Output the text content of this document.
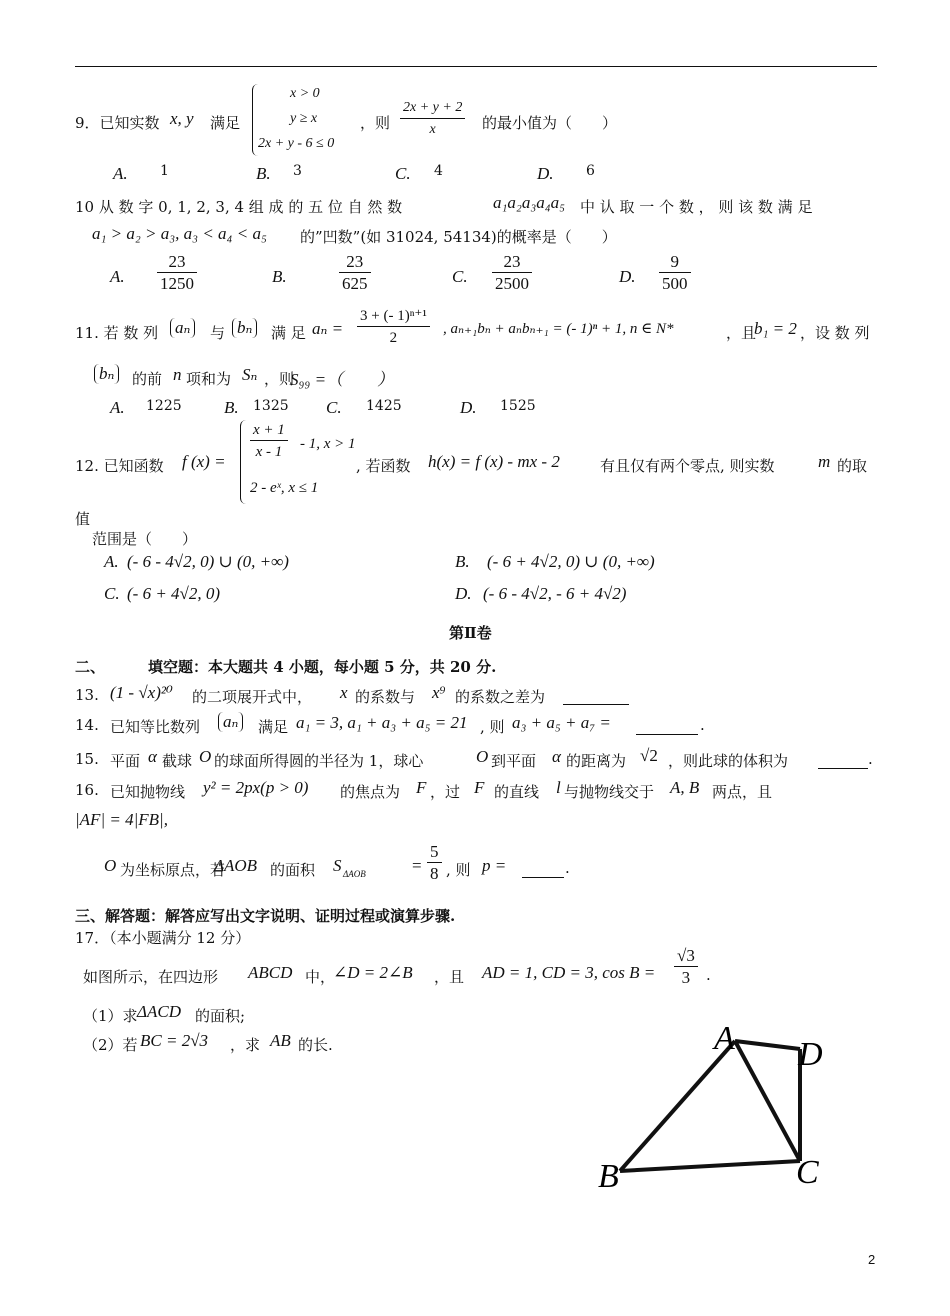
9．已知实数 x, y 满足
x > 0
y ≥ x
2x + y - 6 ≤ 0
，则 $\frac{2x + y + 2}{x}$ 的最小值为（　　）
A. 1	B. 3	C. 4	D. 6
10 从 数 字 0, 1, 2, 3, 4 组 成 的 五 位 自 然 数	a₁a₂a₃a₄a₅ 中 认 取 一 个 数 ， 则 该 数 满 足
a₁ > a₂ > a₃, a₃ < a₄ < a₅ 的”凹数”(如 31024, 54134)的概率是（　　）
A. $\frac{23}{1250}$	B.	$\frac{23}{625}$	C. $\frac{23}{2500}$	D. $\frac{9}{500}$
11. 若 数 列 aₙ	与 bₙ	满 足 $a_n = \frac{\text{3 + (- 1)ⁿ⁺¹}}{2}$ , aₙ₊₁bₙ + aₙbₙ₊₁ = (- 1)ⁿ + 1, n ∈ N*	，且
b₁ = 2 ，设 数 列
bₙ	的前 n 项和为 Sₙ ，则
S₉₉ =（　　）
A. 1225 B. 1325 C. 1425	D. 1525
12. 已知函数 f $(x) = \frac{x + 1}{x - 1} - 1$, x > 1
2 - eˣ, x ≤ 1
, 若函数 h(x) = f (x) - mx - 2	有且仅有两个零点, 则实数	m 的取
值
范围是（　　）
A. (- 6 - 4√2, 0) ∪ (0, +∞)	B. (- 6 + 4√2, 0) ∪ (0, +∞)
C. (- 6 + 4√2, 0)	D. (- 6 - 4√2, - 6 + 4√2)
第Ⅱ卷
二、	填空题：本大题共 4 小题，每小题 5 分，共 20 分.
13. (1 - √x)²⁰ 的二项展开式中， x 的系数与 x⁹ 的系数之差为
14. 已知等比数列 aₙ	满足 a₁ = 3, a₁ + a₃ + a₅ = 21 , 则 a₃ + a₅ + a₇ =	.
15. 平面 α 截球 O 的球面所得圆的半径为 1，球心	O 到平面 α 的距离为 √2 ，则此球的体积为	.
16. 已知抛物线 y² = 2px(p > 0) 的焦点为 F ，过 F 的直线 l 与抛物线交于 A, B 两点，且
|AF| = 4|FB|,
O 为坐标原点，若
ΔAOB 的面积 S ΔAOB	= $\frac{5}{8}$ , 则 p =	.
三、解答题：解答应写出文字说明、证明过程或演算步骤.
17．（本小题满分 12 分）
如图所示，在四边形 ABCD 中，
∠D = 2∠B ，且 AD = 1, CD = 3, $\cos B = \frac{√3}{3}$ .
（1）求 ΔACD 的面积;
（2）若 BC = 2√3 ，求 AB 的长.	A D
C
B
2
